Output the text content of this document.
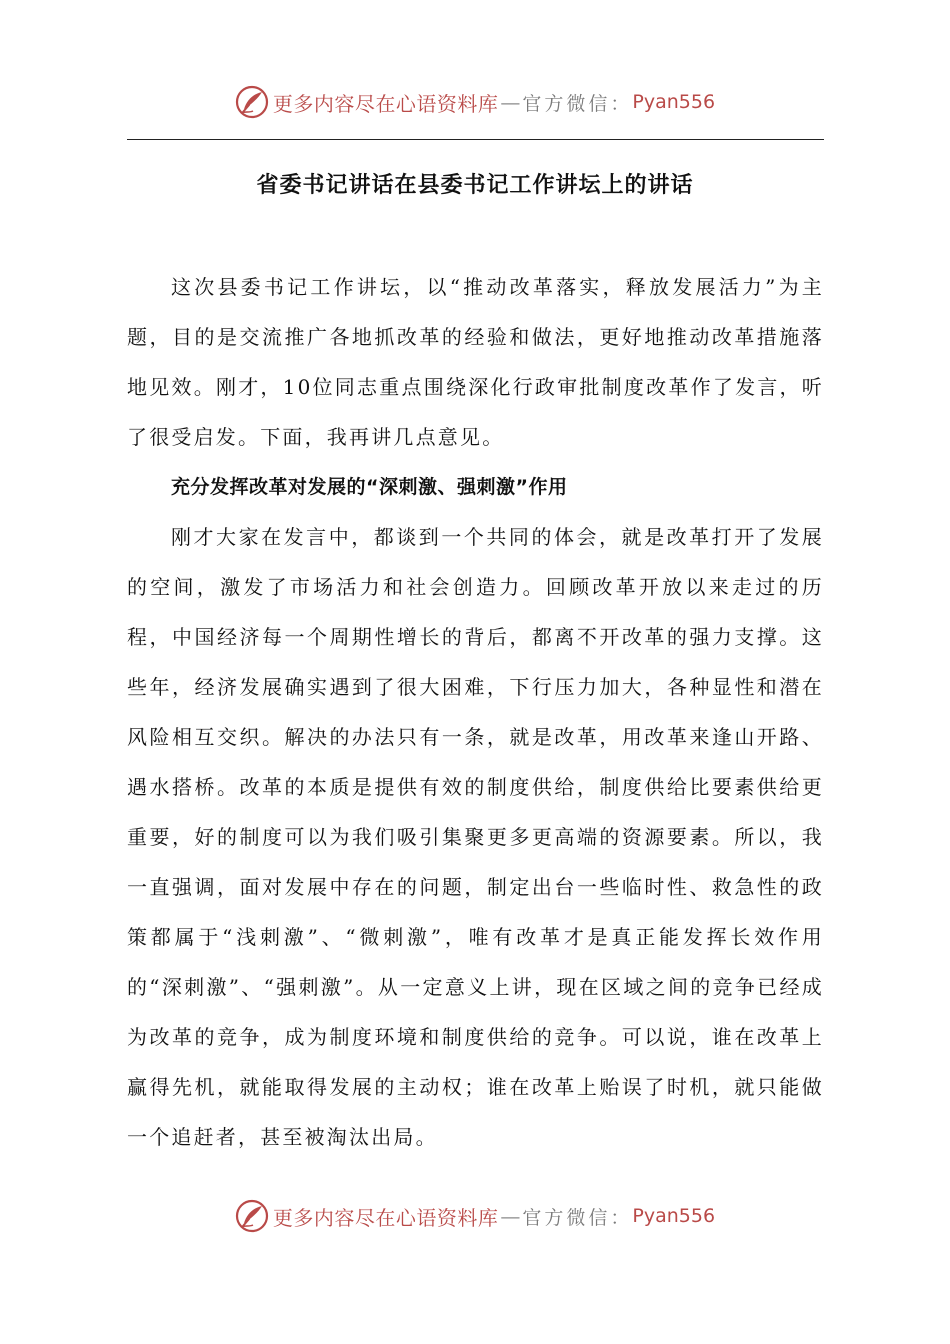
更多内容尽在心语资料库 — 官方微信： Pyan556
省委书记讲话在县委书记工作讲坛上的讲话

这次县委书记工作讲坛，以“推动改革落实，释放发展活力”为主题，目的是交流推广各地抓改革的经验和做法，更好地推动改革措施落地见效。刚才，10位同志重点围绕深化行政审批制度改革作了发言，听了很受启发。下面，我再讲几点意见。

充分发挥改革对发展的“深刺激、强刺激”作用

刚才大家在发言中，都谈到一个共同的体会，就是改革打开了发展的空间，激发了市场活力和社会创造力。回顾改革开放以来走过的历程，中国经济每一个周期性增长的背后，都离不开改革的强力支撑。这些年，经济发展确实遇到了很大困难，下行压力加大，各种显性和潜在风险相互交织。解决的办法只有一条，就是改革，用改革来逢山开路、遇水搭桥。改革的本质是提供有效的制度供给，制度供给比要素供给更重要，好的制度可以为我们吸引集聚更多更高端的资源要素。所以，我一直强调，面对发展中存在的问题，制定出台一些临时性、救急性的政策都属于“浅刺激”、“微刺激”，唯有改革才是真正能发挥长效作用的“深刺激”、“强刺激”。从一定意义上讲，现在区域之间的竞争已经成为改革的竞争，成为制度环境和制度供给的竞争。可以说，谁在改革上赢得先机，就能取得发展的主动权；谁在改革上贻误了时机，就只能做一个追赶者，甚至被淘汰出局。

更多内容尽在心语资料库 — 官方微信： Pyan556
